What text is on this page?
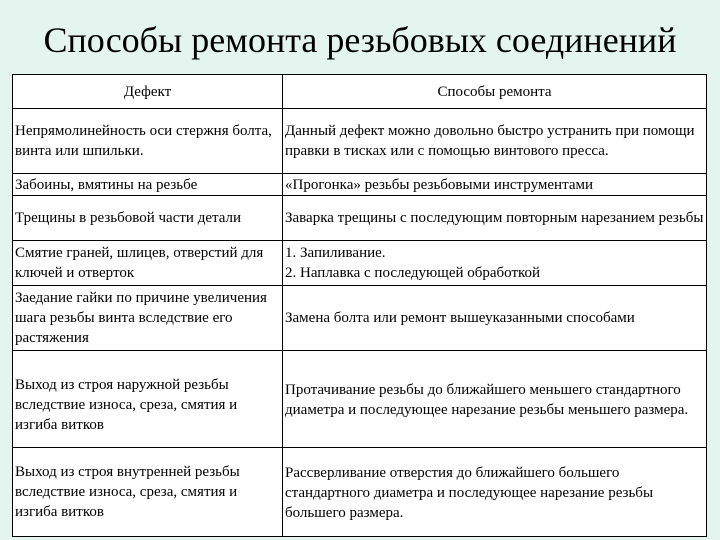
Способы ремонта резьбовых соединений
Дефект	Способы ремонта
Непрямолинейность оси стержня болта, винта или шпильки.	Данный дефект можно довольно быстро устранить при помощи правки в тисках или с помощью винтового пресса.
Забоины, вмятины на резьбе	«Прогонка» резьбы резьбовыми инструментами
Трещины в резьбовой части детали	Заварка трещины с последующим повторным нарезанием резьбы
Смятие граней, шлицев, отверстий для ключей и отверток	1. Запиливание.
2. Наплавка с последующей обработкой
Заедание гайки по причине увеличения шага резьбы винта вследствие его растяжения	Замена болта или ремонт вышеуказанными способами
Выход из строя наружной резьбы вследствие износа, среза, смятия и изгиба витков	Протачивание резьбы до ближайшего меньшего стандартного диаметра и последующее нарезание резьбы меньшего размера.
Выход из строя внутренней резьбы вследствие износа, среза, смятия и изгиба витков	Рассверливание отверстия до ближайшего большего стандартного диаметра и последующее нарезание резьбы большего размера.
